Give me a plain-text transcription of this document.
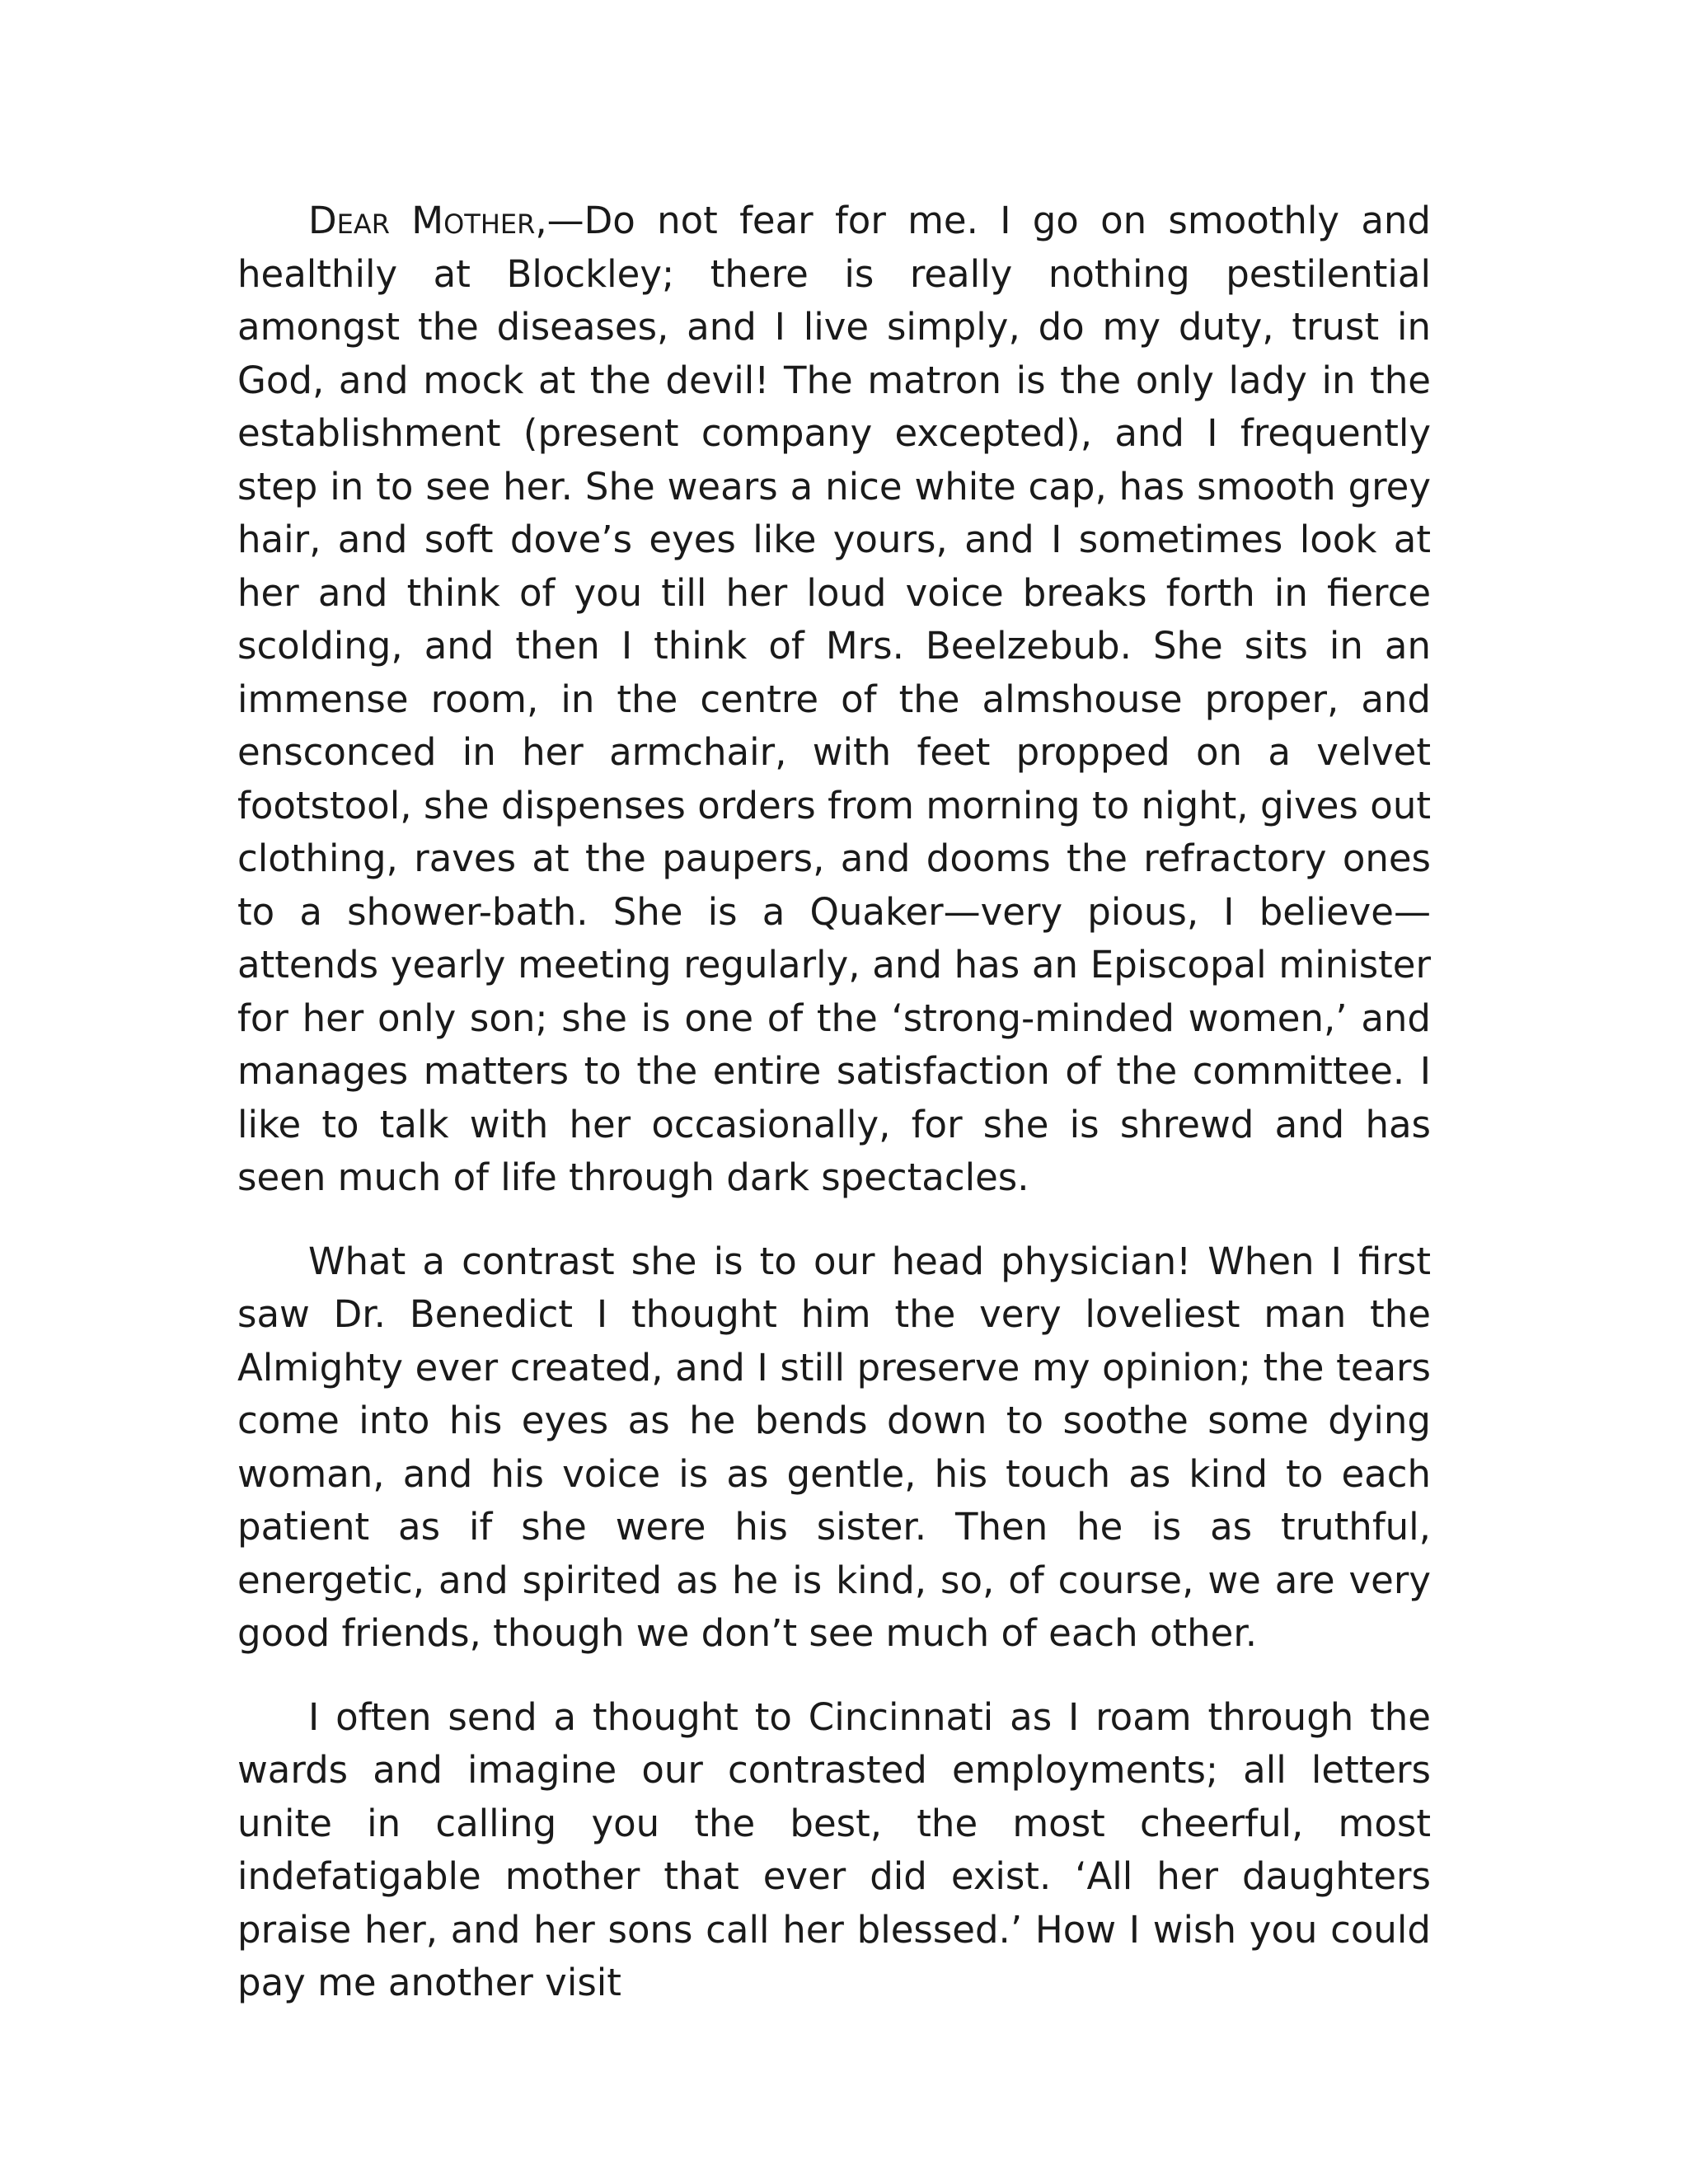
Dear Mother,—Do not fear for me. I go on smoothly and healthily at Blockley; there is really nothing pestilential amongst the diseases, and I live simply, do my duty, trust in God, and mock at the devil! The matron is the only lady in the establishment (present company excepted), and I frequently step in to see her. She wears a nice white cap, has smooth grey hair, and soft dove’s eyes like yours, and I sometimes look at her and think of you till her loud voice breaks forth in fierce scolding, and then I think of Mrs. Beelzebub. She sits in an immense room, in the centre of the almshouse proper, and ensconced in her armchair, with feet propped on a velvet footstool, she dispenses orders from morning to night, gives out clothing, raves at the paupers, and dooms the refractory ones to a shower-bath. She is a Quaker—very pious, I believe—attends yearly meeting regularly, and has an Episcopal minister for her only son; she is one of the ‘strong-minded women,’ and manages matters to the entire satisfaction of the committee. I like to talk with her occasionally, for she is shrewd and has seen much of life through dark spectacles.

What a contrast she is to our head physician! When I first saw Dr. Benedict I thought him the very loveliest man the Almighty ever created, and I still preserve my opinion; the tears come into his eyes as he bends down to soothe some dying woman, and his voice is as gentle, his touch as kind to each patient as if she were his sister. Then he is as truthful, energetic, and spirited as he is kind, so, of course, we are very good friends, though we don’t see much of each other.

I often send a thought to Cincinnati as I roam through the wards and imagine our contrasted employments; all letters unite in calling you the best, the most cheerful, most indefatigable mother that ever did exist. ‘All her daughters praise her, and her sons call her blessed.’ How I wish you could pay me another visit
